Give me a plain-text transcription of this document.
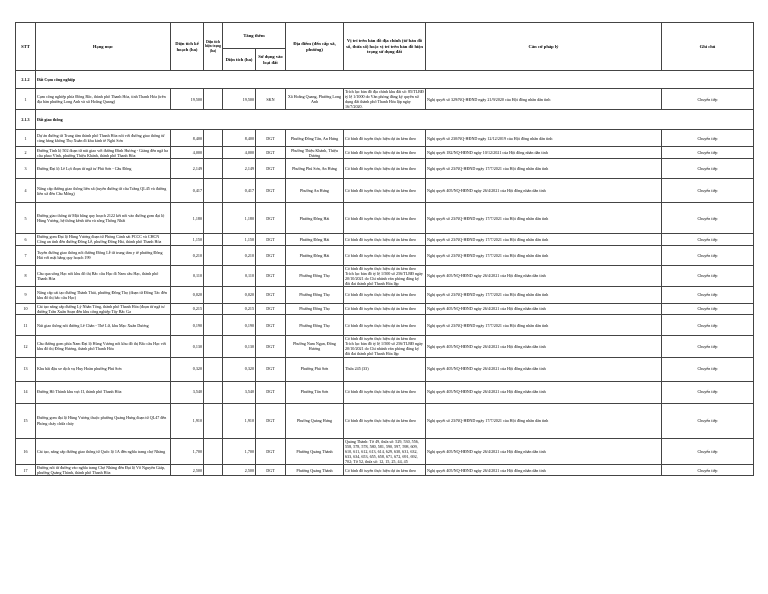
STT	Hạng mục	Diện tích kế hoạch (ha)	Diện tích hiện trạng (ha)	Tăng thêm		Địa điểm (đến cấp xã, phường)	Vị trí trên bản đồ địa chính (tờ bản đồ số, thửa số) hoặc vị trí trên bản đồ hiện trạng sử dụng đất	Căn cứ pháp lý	Ghi chú
				Diện tích (ha)	Sử dụng vào loại đất				
2.1.2	Đất Cụm công nghiệp								
1	Cụm công nghiệp phía Đông Bắc, thành phố Thanh Hóa, tỉnh Thanh Hóa (trên địa bàn phường Long Anh và xã Hoằng Quang)	19,500		19,500	SKN	Xã Hoằng Quang, Phường Long Anh	Trích lục bản đồ địa chính khu đất số: 85/TLBĐ tỷ lệ 1/1000 do Văn phòng đăng ký quyền sử dụng đất thành phố Thanh Hóa lập ngày 16/7/2020.	Nghị quyết số 329/NQ-HĐND ngày 21/9/2020 của Hội đồng nhân dân tỉnh	Chuyển tiếp
2.1.3	Đất giao thông								
1	Dự án đường từ Trung tâm thành phố Thanh Hóa nối với đường giao thông từ cảng hàng không Thọ Xuân đi khu kinh tế Nghi Sơn	8,400		8,400	DGT	Phường Đông Tân, An Hưng	Có bình đồ tuyến thực hiện dự án kèm theo	Nghị quyết số 230/NQ-HĐND ngày 12/12/2019 của Hội đồng nhân dân tỉnh	Chuyển tiếp
2	Đường Tỉnh lộ 502 đoạn từ nút giao với đường Đình Hương - Giàng đến ngã ba cầu phao Vĩnh, phường Thiệu Khánh, thành phố Thanh Hóa	4,000		4,000	DGT	Phường Thiệu Khánh, Thiệu Dương	Có bình đồ tuyến thực hiện dự án kèm theo	Nghị quyết 182/NQ-HĐND ngày 10/12/2021 của Hội đồng nhân dân tỉnh	Chuyển tiếp
3	Đường Đại lộ Lê Lợi đoạn từ ngã tư Phú Sơn - Cầu Đống	2,149		2,149	DGT	Phường Phú Sơn, An Hưng	Có bình đồ tuyến thực hiện dự án kèm theo	Nghị quyết số 23/NQ-HĐND ngày 17/7/2021 của Hội đồng nhân dân tỉnh	Chuyển tiếp
4	Nâng cấp đường giao thông liên xã (tuyến đường từ cầu Trắng QL45 và đường liên xã đến Cầu Mống)	0,417		0,417	DGT	Phường An Hưng	Có bình đồ tuyến thực hiện dự án kèm theo	Nghị quyết 405/NQ-HĐND ngày 26/4/2021 của Hội đồng nhân dân tỉnh	Chuyển tiếp
5	Đường giao thông từ Mặt bằng quy hoạch 2122 kết nối vào đường gom đại lộ Hùng Vương, hệ thống kênh tiêu và sông Thống Nhất	1,180		1,180	DGT	Phường Đông Hải	Có bình đồ tuyến thực hiện dự án kèm theo	Nghị quyết số 23/NQ-HĐND ngày 17/7/2021 của Hội đồng nhân dân tỉnh	Chuyển tiếp
6	Đường gom Đại lộ Hùng Vương đoạn từ Phòng Cảnh sát PCCC và CHCN Công an tỉnh đến đường Đông Lễ, phường Đông Hải, thành phố Thanh Hóa	1,150		1,150	DGT	Phường Đông Hải	Có bình đồ tuyến thực hiện dự án kèm theo	Nghị quyết số 23/NQ-HĐND ngày 17/7/2021 của Hội đồng nhân dân tỉnh	Chuyển tiếp
7	Tuyến đường giao thông nối đường Đông Lễ từ trung tâm y tế phường Đông Hải với mặt bằng quy hoạch 199	0,210		0,210	DGT	Phường Đông Hải	Có bình đồ tuyến thực hiện dự án kèm theo	Nghị quyết số 23/NQ-HĐND ngày 17/7/2021 của Hội đồng nhân dân tỉnh	Chuyển tiếp
8	Cầu qua sông Hạc nối khu đô thị Bắc cầu Hạc đi Nam cầu Hạc, thành phố Thanh Hóa	0,110		0,110	DGT	Phường Đông Thọ	Có bình đồ tuyến thực hiện dự án kèm theo Trích lục bản đồ tỷ lệ 1/500 số 256/TLBĐ ngày 20/10/2021 do Chi nhánh văn phòng đăng ký đất đai thành phố Thanh Hóa lập	Nghị quyết 405/NQ-HĐND ngày 26/4/2021 của Hội đồng nhân dân tỉnh	Chuyển tiếp
9	Nâng cấp cải tạo đường Thành Thái, phường Đông Thọ (đoạn từ Đông Tác đến khu đô thị bắc cầu Hạc)	0,020		0,020	DGT	Phường Đông Thọ	Có bình đồ tuyến thực hiện dự án kèm theo	Nghị quyết số 23/NQ-HĐND ngày 17/7/2021 của Hội đồng nhân dân tỉnh	Chuyển tiếp
10	Cải tạo nâng cấp đường Lý Nhân Tông, thành phố Thanh Hóa (đoạn từ ngã tư đường Trần Xuân Soạn đến khu công nghiệp Tây Bắc Ga	0,215		0,215	DGT	Phường Đông Thọ	Có bình đồ tuyến thực hiện dự án kèm theo	Nghị quyết 405/NQ-HĐND ngày 26/4/2021 của Hội đồng nhân dân tỉnh	Chuyển tiếp
11	Nút giao thông nối đường Lê Chân - Thế Lữ, khu Mạc Xuân Dương	0,190		0,190	DGT	Phường Đông Thọ	Có bình đồ tuyến thực hiện dự án kèm theo	Nghị quyết số 23/NQ-HĐND ngày 17/7/2021 của Hội đồng nhân dân tỉnh	Chuyển tiếp
12	Cầu đường gom phía Nam Đại lộ Hùng Vương nối khu đô thị Bắc cầu Hạc với khu đô thị Đông Hương, thành phố Thanh Hóa	0,130		0,130	DGT	Phường Nam Ngạn, Đông Hương	Có bình đồ tuyến thực hiện dự án kèm theo Trích lục bản đồ tỷ lệ 1/500 số 256/TLBĐ ngày 20/10/2021 do Chi nhánh văn phòng đăng ký đất đai thành phố Thanh Hóa lập	Nghị quyết 405/NQ-HĐND ngày 26/4/2021 của Hội đồng nhân dân tỉnh	Chuyển tiếp
13	Khu bãi đậu xe dịch vụ Huy Hoàn phường Phú Sơn	0,320		0,320	DGT	Phường Phú Sơn	Thửa 245 (33)	Nghị quyết 405/NQ-HĐND ngày 26/4/2021 của Hội đồng nhân dân tỉnh	Chuyển tiếp
14	Đường Hồ Thành khu vực II, thành phố Thanh Hóa	3,540		3,540	DGT	Phường Tân Sơn	Có bình đồ tuyến thực hiện dự án kèm theo	Nghị quyết 405/NQ-HĐND ngày 26/4/2021 của Hội đồng nhân dân tỉnh	Chuyển tiếp
15	Đường gom đại lộ Hùng Vương thuộc phường Quảng Hưng đoạn từ QL47 đến Phòng cháy chữa cháy	1,910		1,910	DGT	Phường Quảng Hưng	Có bình đồ tuyến thực hiện dự án kèm theo	Nghị quyết số 23/NQ-HĐND ngày 17/7/2021 của Hội đồng nhân dân tỉnh	Chuyển tiếp
16	Cải tạo, nâng cấp đường giao thông từ Quốc lộ 1A đến nghĩa trang chợ Nhàng	1,700		1,700	DGT	Phường Quảng Thành	Quảng Thành: Tờ 49, thửa số: 529, 530, 556, 558, 578, 578, 580, 581, 590, 597, 598, 609, 610, 611, 612, 613, 614, 629, 630, 631, 632, 633, 634, 653, 655, 658, 671, 672, 691, 692, 702; Tờ 52, thửa số: 12, 15, 25, 44, 45	Nghị quyết 405/NQ-HĐND ngày 26/4/2021 của Hội đồng nhân dân tỉnh	Chuyển tiếp
17	Đường nối từ đường vào nghĩa trang Chợ Nhàng đến Đại lộ Võ Nguyên Giáp, phường Quảng Thành, thành phố Thanh Hóa	2,500		2,500	DGT	Phường Quảng Thành	Có bình đồ tuyến thực hiện dự án kèm theo	Nghị quyết 405/NQ-HĐND ngày 26/4/2021 của Hội đồng nhân dân tỉnh	Chuyển tiếp
